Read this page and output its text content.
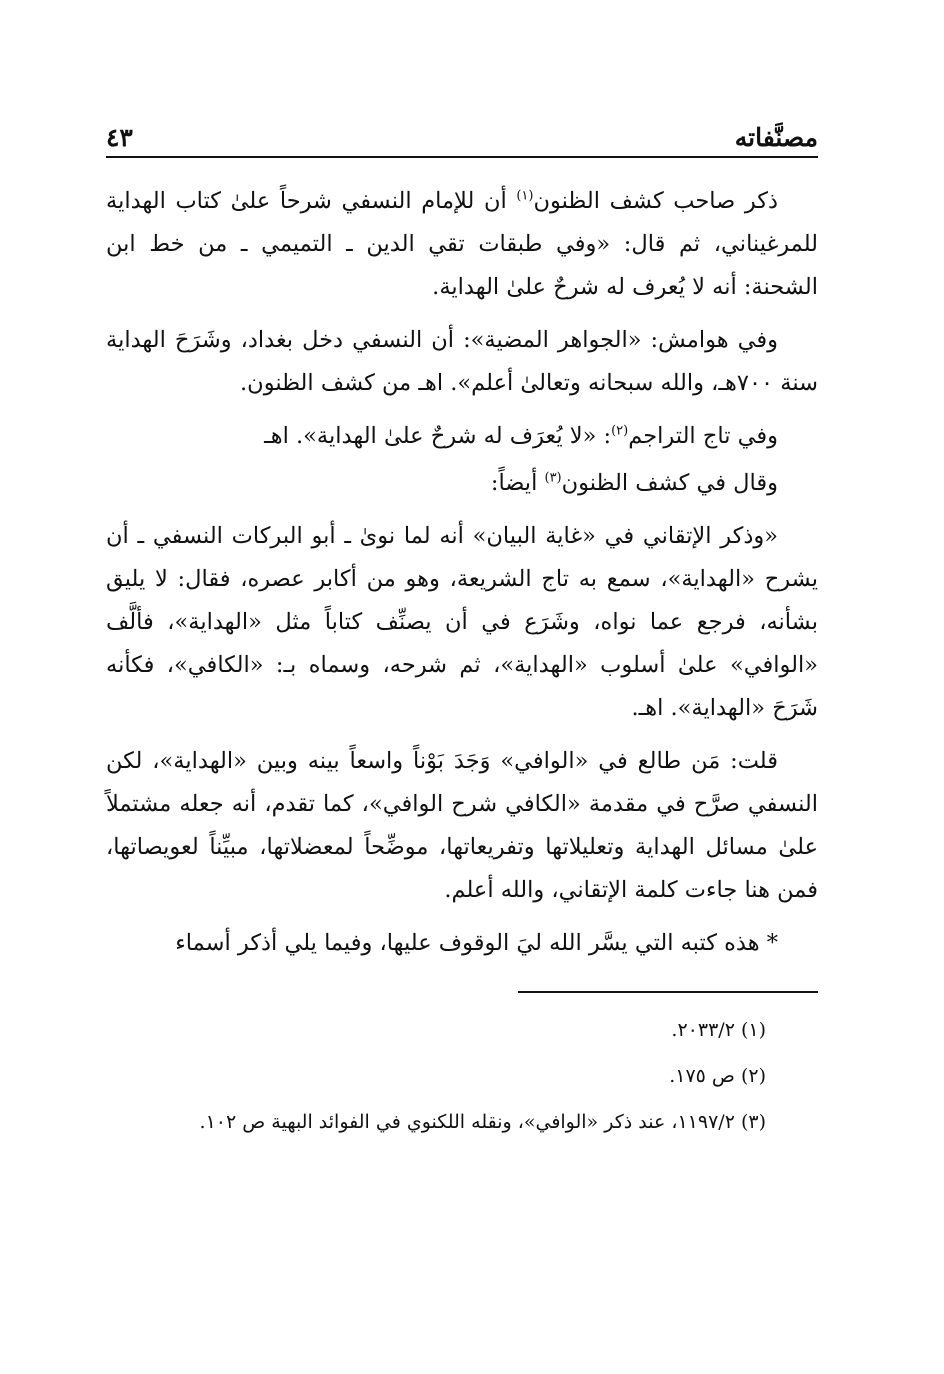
مصنَّفاته
٤٣

ذكر صاحب كشف الظنون$^{(١)}$ أن للإمام النسفي شرحاً علىٰ كتاب الهداية للمرغيناني، ثم قال: «وفي طبقات تقي الدين ـ التميمي ـ من خط ابن الشحنة: أنه لا يُعرف له شرحٌ علىٰ الهداية.

وفي هوامش: «الجواهر المضية»: أن النسفي دخل بغداد، وشَرَحَ الهداية سنة ٧٠٠هـ، والله سبحانه وتعالىٰ أعلم». اهـ من كشف الظنون.

وفي تاج التراجم$^{(٢)}$: «لا يُعرَف له شرحٌ علىٰ الهداية». اهـ

وقال في كشف الظنون$^{(٣)}$ أيضاً:

«وذكر الإتقاني في «غاية البيان» أنه لما نوىٰ ـ أبو البركات النسفي ـ أن يشرح «الهداية»، سمع به تاج الشريعة، وهو من أكابر عصره، فقال: لا يليق بشأنه، فرجع عما نواه، وشَرَع في أن يصنِّف كتاباً مثل «الهداية»، فألَّف «الوافي» علىٰ أسلوب «الهداية»، ثم شرحه، وسماه بـ: «الكافي»، فكأنه شَرَحَ «الهداية». اهـ.

قلت: مَن طالع في «الوافي» وَجَدَ بَوْناً واسعاً بينه وبين «الهداية»، لكن النسفي صرَّح في مقدمة «الكافي شرح الوافي»، كما تقدم، أنه جعله مشتملاً علىٰ مسائل الهداية وتعليلاتها وتفريعاتها، موضِّحاً لمعضلاتها، مبيِّناً لعويصاتها، فمن هنا جاءت كلمة الإتقاني، والله أعلم.

* هذه كتبه التي يسَّر الله ليَ الوقوف عليها، وفيما يلي أذكر أسماء

(١) ٢٠٣٣/٢.

(٢) ص ١٧٥.

(٣) ١١٩٧/٢، عند ذكر «الوافي»، ونقله اللكنوي في الفوائد البهية ص ١٠٢.
